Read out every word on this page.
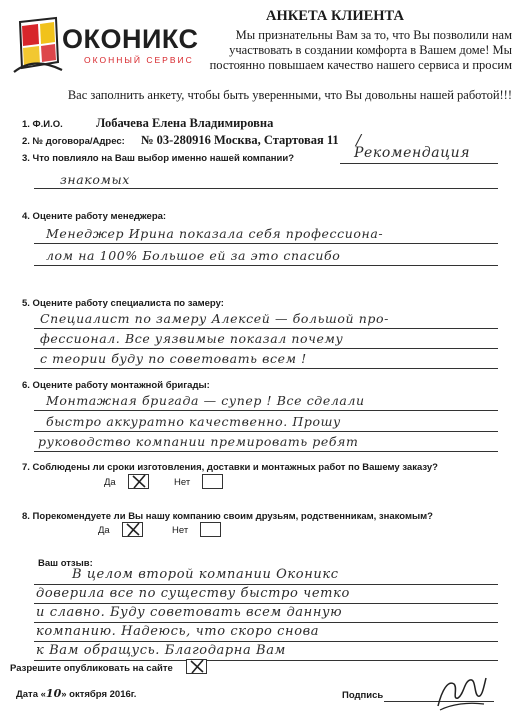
ОКОНИКС
ОКОННЫЙ СЕРВИС
АНКЕТА КЛИЕНТА
Мы признательны Вам за то, что Вы позволили нам
участвовать в создании комфорта в Вашем доме! Мы
постоянно повышаем качество нашего сервиса и просим
Вас заполнить анкету, чтобы быть уверенными, что Вы довольны нашей работой!!!
1. Ф.И.О.	Лобачева Елена Владимировна
2. № договора/Адрес: № 03-280916 Москва, Стартовая 11 /
3. Что повлияло на Ваш выбор именно нашей компании?	Рекомендация
знакомых
4. Оцените работу менеджера:
Менеджер Ирина показала себя профессиона-
лом на 100% Большое ей за это спасибо
5. Оцените работу специалиста по замеру:
Специалист по замеру Алексей — большой про-
фессионал. Все уязвимые показал почему
с теории буду по советовать всем !
6. Оцените работу монтажной бригады:
Монтажная бригада — супер ! Все сделали
быстро аккуратно качественно. Прошу
руководство компании премировать ребят
7. Соблюдены ли сроки изготовления, доставки и монтажных работ по Вашему заказу?
Да	Нет
8. Порекомендуете ли Вы нашу компанию своим друзьям, родственникам, знакомым?
Да	Нет
Ваш отзыв:
В целом второй компании Оконикс
доверила все по существу быстро четко
и славно. Буду советовать всем данную
компанию. Надеюсь, что скоро снова
к Вам обращусь. Благодарна Вам
Разрешите опубликовать на сайте
Дата «10» октября 2016г.	Подпись
